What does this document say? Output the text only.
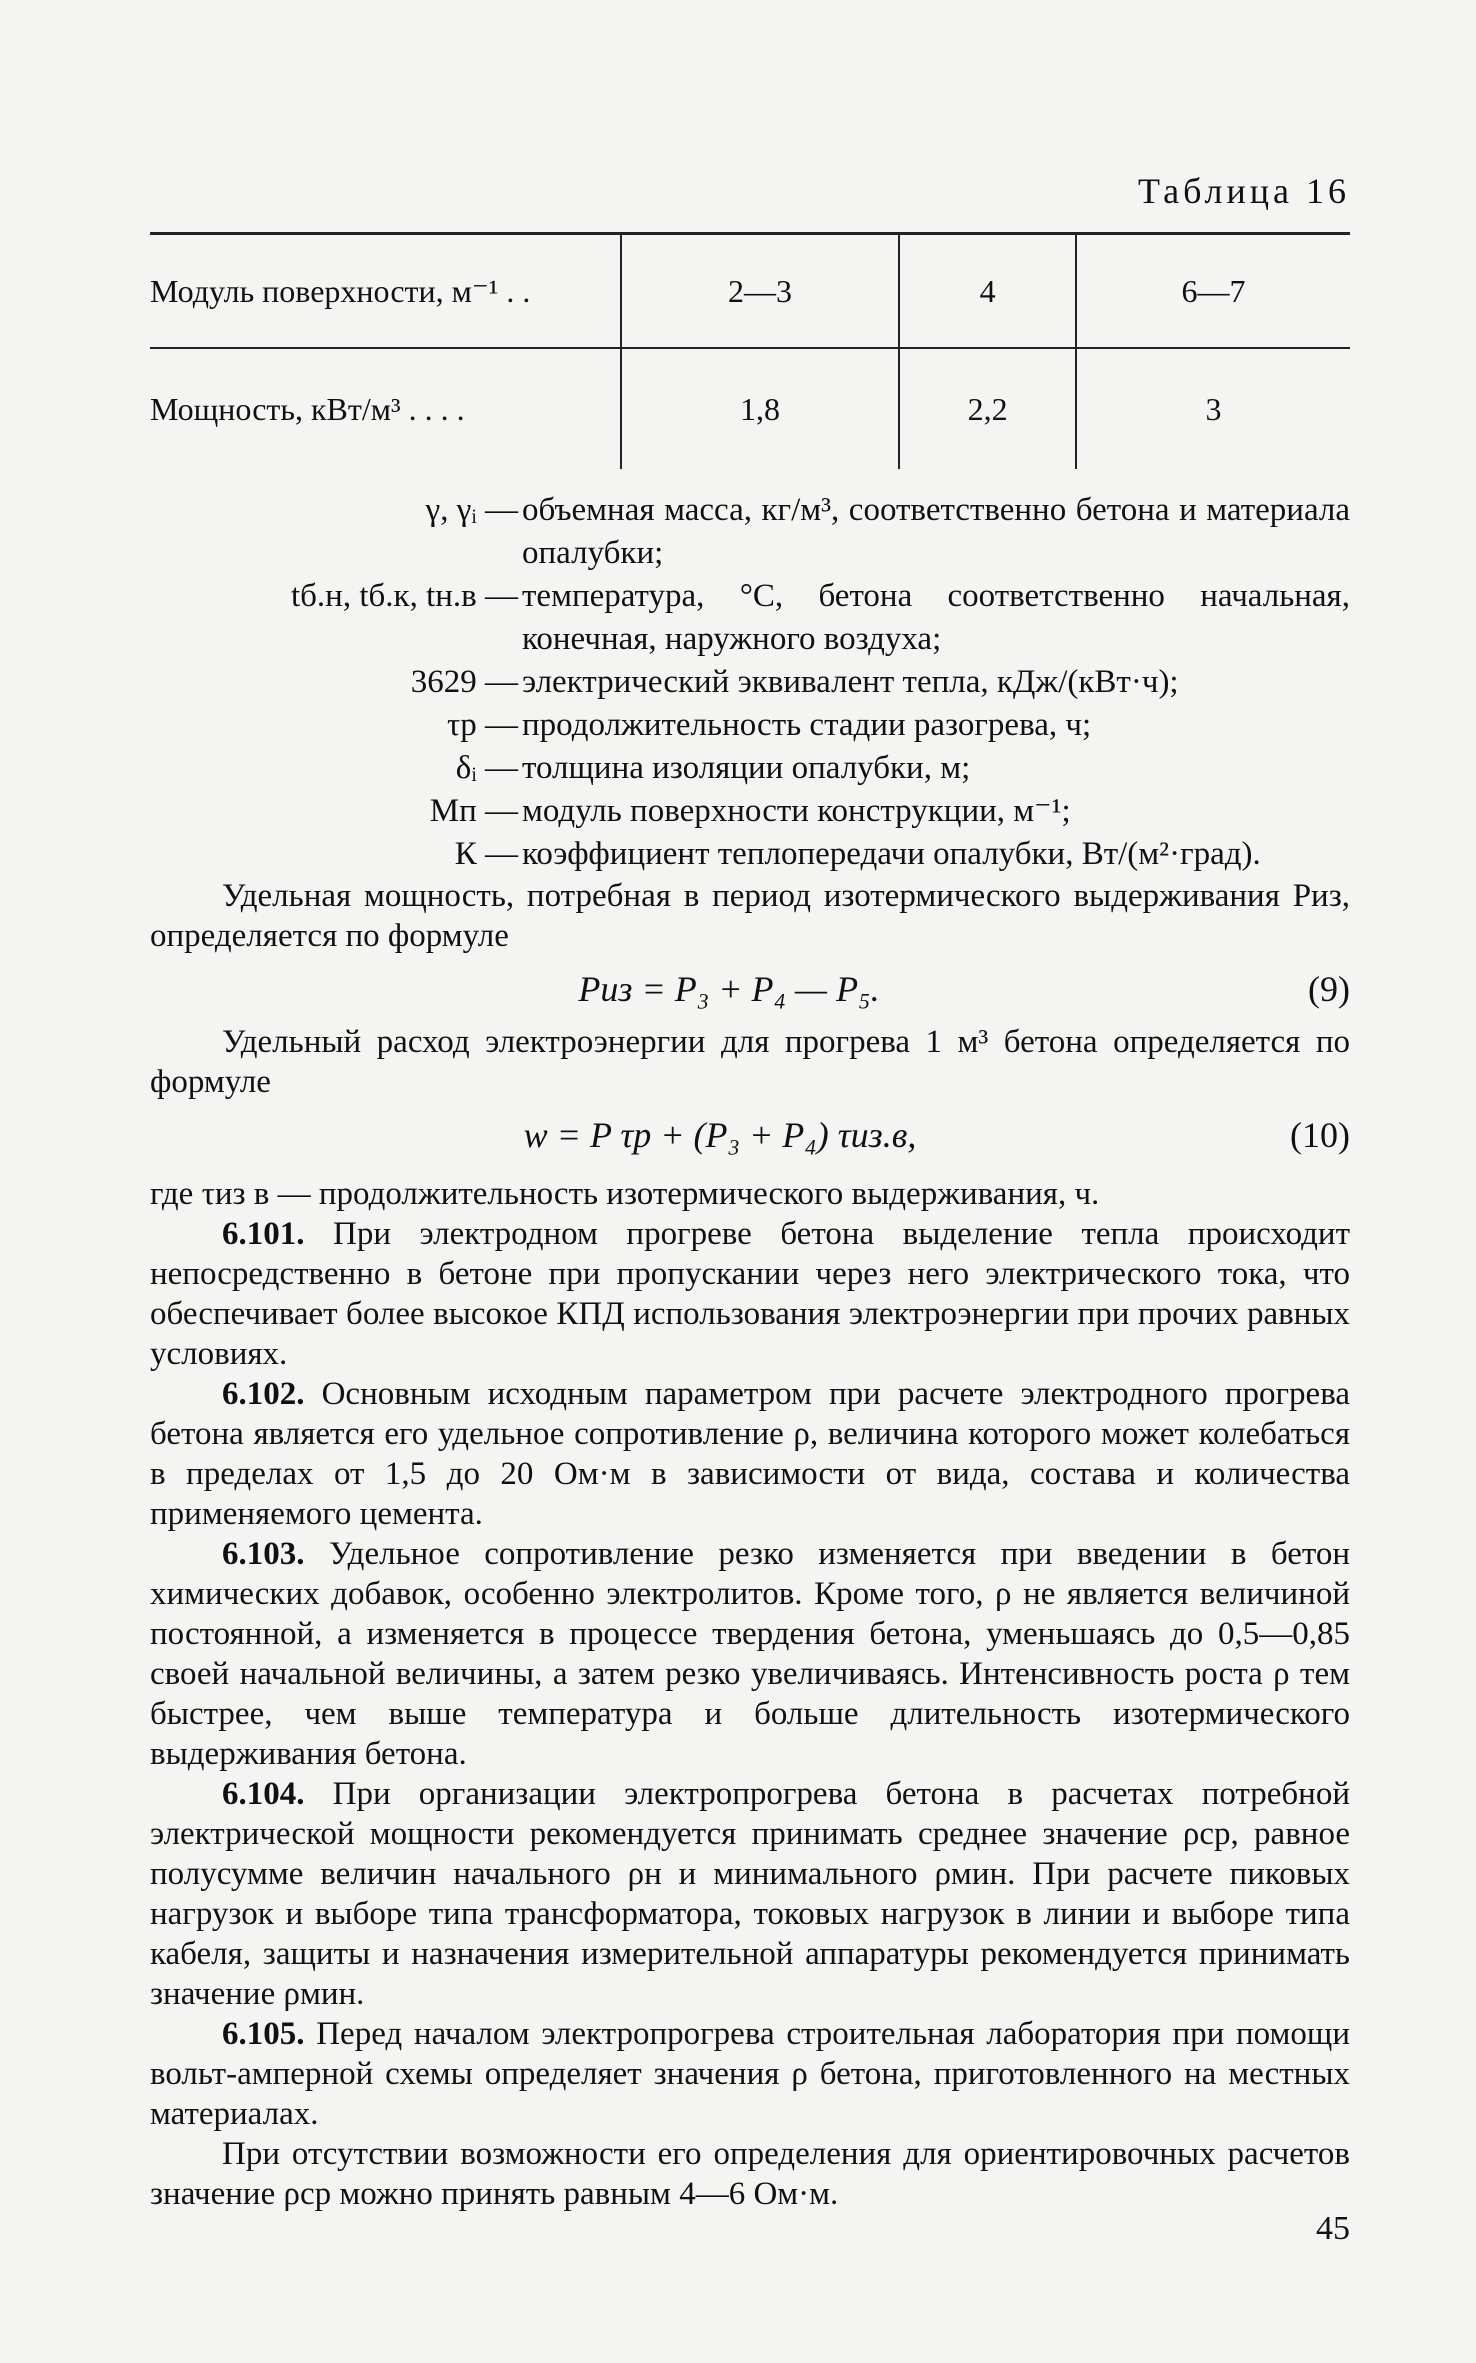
Таблица 16
Модуль поверхности, м⁻¹ . .	2—3	4	6—7
Мощность, кВт/м³ . . . .	1,8	2,2	3
γ, γᵢ — объемная масса, кг/м³, соответственно бетона и материала опалубки;
tб.н, tб.к, tн.в — температура, °С, бетона соответственно начальная, конечная, наружного воздуха;
3629 — электрический эквивалент тепла, кДж/(кВт·ч);
τр — продолжительность стадии разогрева, ч;
δᵢ — толщина изоляции опалубки, м;
Мп — модуль поверхности конструкции, м⁻¹;
К — коэффициент теплопередачи опалубки, Вт/(м²·град).

Удельная мощность, потребная в период изотермического выдерживания Pиз, определяется по формуле

Pиз = P₃ + P₄ — P₅.	(9)

Удельный расход электроэнергии для прогрева 1 м³ бетона определяется по формуле

w = P τр + (P₃ + P₄) τиз.в,	(10)

где τиз в — продолжительность изотермического выдерживания, ч.

6.101. При электродном прогреве бетона выделение тепла происходит непосредственно в бетоне при пропускании через него электрического тока, что обеспечивает более высокое КПД использования электроэнергии при прочих равных условиях.

6.102. Основным исходным параметром при расчете электродного прогрева бетона является его удельное сопротивление ρ, величина которого может колебаться в пределах от 1,5 до 20 Ом·м в зависимости от вида, состава и количества применяемого цемента.

6.103. Удельное сопротивление резко изменяется при введении в бетон химических добавок, особенно электролитов. Кроме того, ρ не является величиной постоянной, а изменяется в процессе твердения бетона, уменьшаясь до 0,5—0,85 своей начальной величины, а затем резко увеличиваясь. Интенсивность роста ρ тем быстрее, чем выше температура и больше длительность изотермического выдерживания бетона.

6.104. При организации электропрогрева бетона в расчетах потребной электрической мощности рекомендуется принимать среднее значение ρср, равное полусумме величин начального ρн и минимального ρмин. При расчете пиковых нагрузок и выборе типа трансформатора, токовых нагрузок в линии и выборе типа кабеля, защиты и назначения измерительной аппаратуры рекомендуется принимать значение ρмин.

6.105. Перед началом электропрогрева строительная лаборатория при помощи вольт-амперной схемы определяет значения ρ бетона, приготовленного на местных материалах.

При отсутствии возможности его определения для ориентировочных расчетов значение ρср можно принять равным 4—6 Ом·м.

45
